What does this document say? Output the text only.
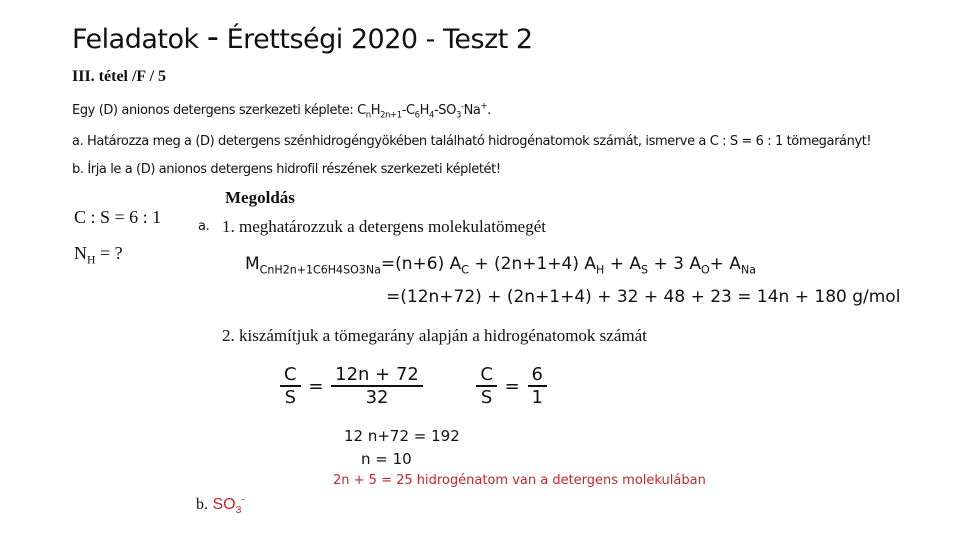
Feladatok - Érettségi 2020 - Teszt 2
III. tétel /F / 5
Egy (D) anionos detergens szerkezeti képlete: $C_nH_{2n+1}-C_6H_4-SO_3^-Na^+$.
a. Határozza meg a (D) detergens szénhidrogéngyökében található hidrogénatomok számát, ismerve a C : S = 6 : 1 tömegarányt!
b. Írja le a (D) anionos detergens hidrofil részének szerkezeti képletét!
C : S = 6 : 1
$N_H$ = ?
Megoldás
a. 1. meghatározzuk a detergens molekulatömegét
$M_{CnH2n+1C6H4SO3Na}=(n+6) A_C + (2n+1+4) A_H + A_S + 3$ $A_O+ A_{Na}$
=(12n+72) + (2n+1+4) + 32 + 48 + 23 = 14n + 180 g/mol
2. kiszámítjuk a tömegarány alapján a hidrogénatomok számát
$\frac{C}{S} = \frac{12n + 72}{32}$
	$\frac{C}{S} = \frac{6}{1}$
12 n+72 = 192
n = 10
2n + 5 = 25 hidrogénatom van a detergens molekulában
b. $SO_3^-$
